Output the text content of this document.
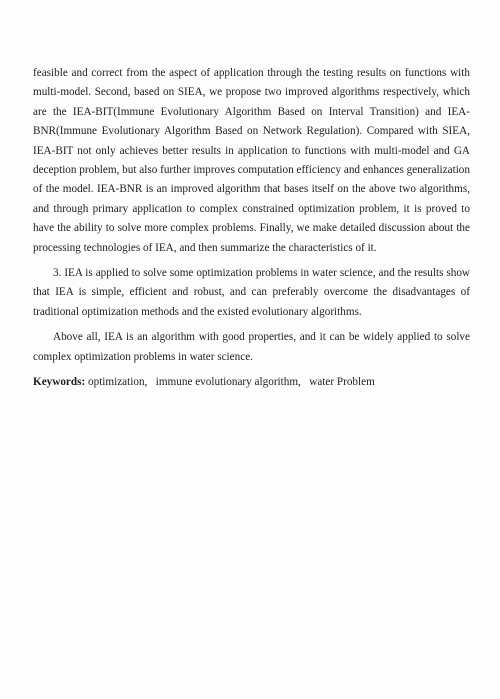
feasible and correct from the aspect of application through the testing results on functions with multi-model. Second, based on SIEA, we propose two improved algorithms respectively, which are the IEA-BIT(Immune Evolutionary Algorithm Based on Interval Transition) and IEA-BNR(Immune Evolutionary Algorithm Based on Network Regulation). Compared with SIEA, IEA-BIT not only achieves better results in application to functions with multi-model and GA deception problem, but also further improves computation efficiency and enhances generalization of the model. IEA-BNR is an improved algorithm that bases itself on the above two algorithms, and through primary application to complex constrained optimization problem, it is proved to have the ability to solve more complex problems. Finally, we make detailed discussion about the processing technologies of IEA, and then summarize the characteristics of it.

3. IEA is applied to solve some optimization problems in water science, and the results show that IEA is simple, efficient and robust, and can preferably overcome the disadvantages of traditional optimization methods and the existed evolutionary algorithms.

Above all, IEA is an algorithm with good properties, and it can be widely applied to solve complex optimization problems in water science.

Keywords: optimization, immune evolutionary algorithm, water Problem
